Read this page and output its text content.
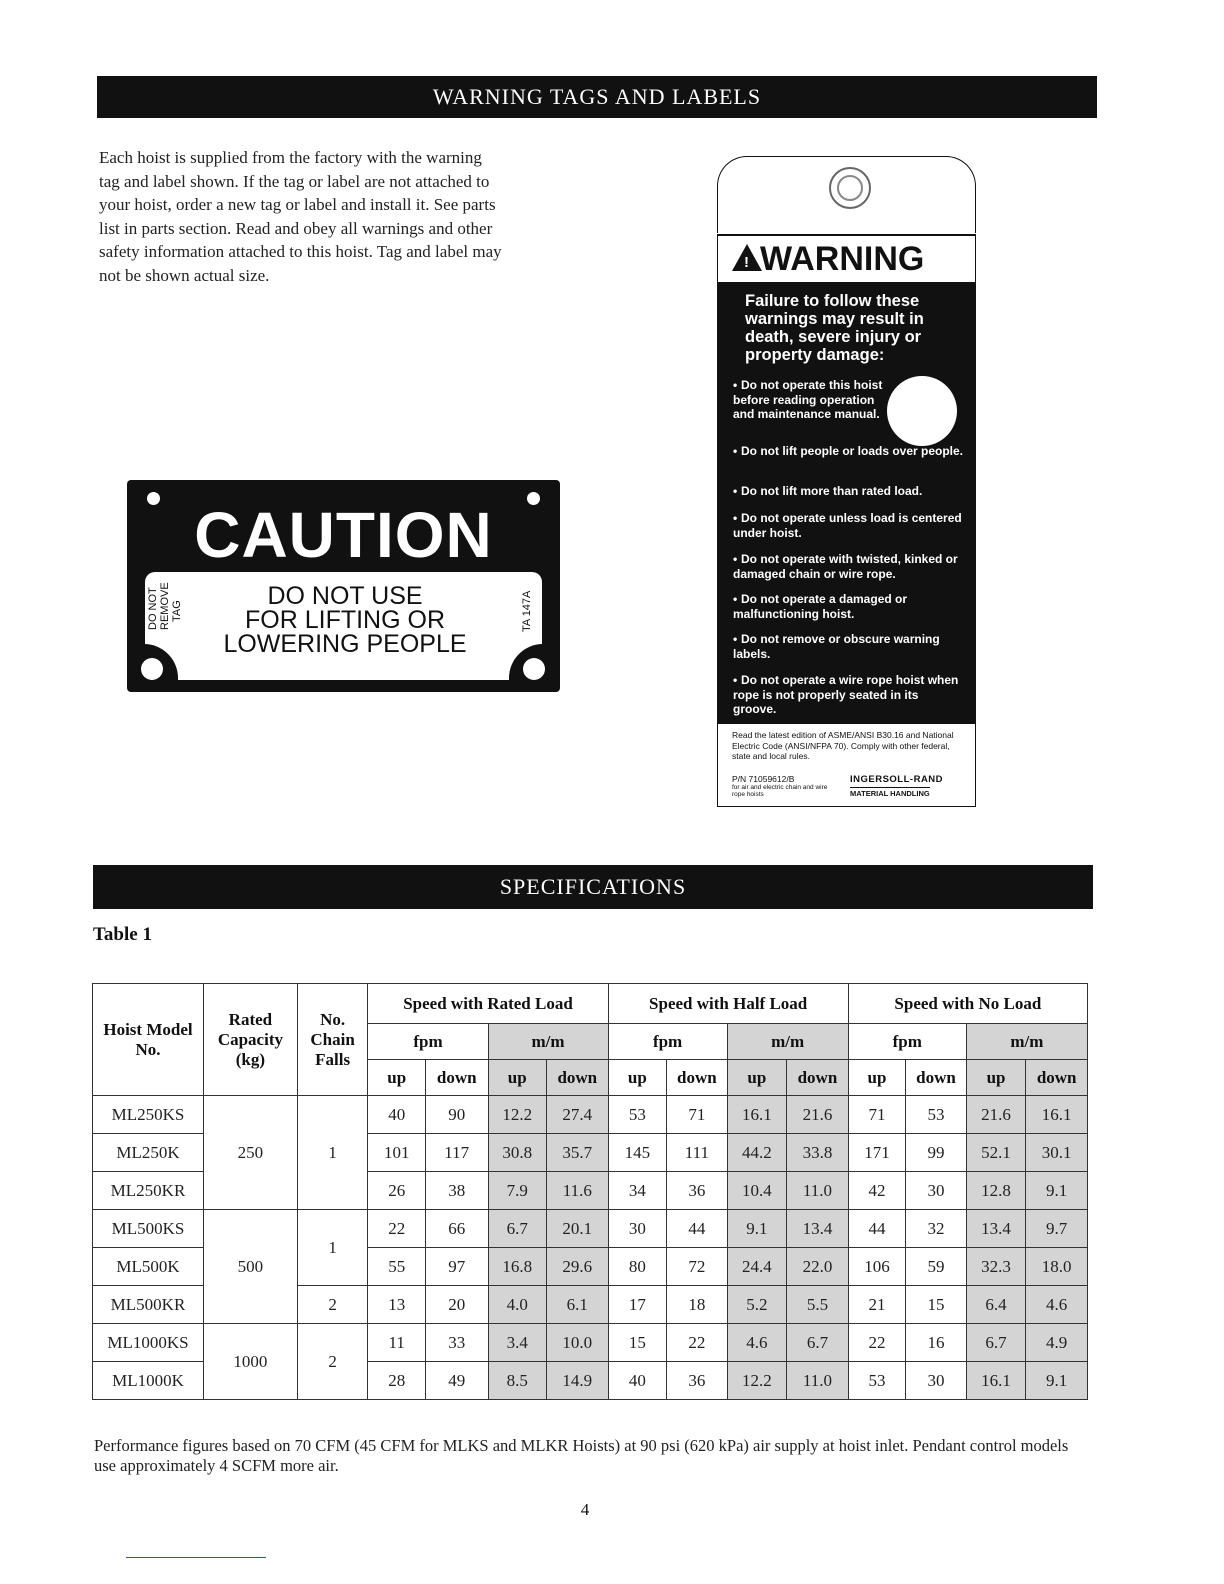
WARNING TAGS AND LABELS
Each hoist is supplied from the factory with the warning
tag and label shown. If the tag or label are not attached to
your hoist, order a new tag or label and install it. See parts
list in parts section. Read and obey all warnings and other
safety information attached to this hoist. Tag and label may
not be shown actual size.
CAUTION
DO NOT USE
FOR LIFTING OR
LOWERING PEOPLE
DO NOT REMOVE TAG	TA 147A
! WARNING
Failure to follow these warnings may result in death, severe injury or property damage:
• Do not operate this hoist before reading operation and maintenance manual.
• Do not lift people or loads over people.
• Do not lift more than rated load.
• Do not operate unless load is centered under hoist.
• Do not operate with twisted, kinked or damaged chain or wire rope.
• Do not operate a damaged or malfunctioning hoist.
• Do not remove or obscure warning labels.
• Do not operate a wire rope hoist when rope is not properly seated in its groove.
Read the latest edition of ASME/ANSI B30.16 and National Electric Code (ANSI/NFPA 70). Comply with other federal, state and local rules.
P/N 71059612/B
for air and electric chain and wire rope hoists
INGERSOLL-RAND
MATERIAL HANDLING
SPECIFICATIONS
Table 1
Hoist Model No.	Rated Capacity (kg)	No. Chain Falls	Speed with Rated Load				Speed with Half Load				Speed with No Load			
			fpm		m/m		fpm		m/m		fpm		m/m	
			up	down	up	down	up	down	up	down	up	down	up	down
ML250KS	250	1	40	90	12.2	27.4	53	71	16.1	21.6	71	53	21.6	16.1
ML250K			101	117	30.8	35.7	145	111	44.2	33.8	171	99	52.1	30.1
ML250KR			26	38	7.9	11.6	34	36	10.4	11.0	42	30	12.8	9.1
ML500KS	500	1	22	66	6.7	20.1	30	44	9.1	13.4	44	32	13.4	9.7
ML500K			55	97	16.8	29.6	80	72	24.4	22.0	106	59	32.3	18.0
ML500KR		2	13	20	4.0	6.1	17	18	5.2	5.5	21	15	6.4	4.6
ML1000KS	1000	2	11	33	3.4	10.0	15	22	4.6	6.7	22	16	6.7	4.9
ML1000K			28	49	8.5	14.9	40	36	12.2	11.0	53	30	16.1	9.1
Performance figures based on 70 CFM (45 CFM for MLKS and MLKR Hoists) at 90 psi (620 kPa) air supply at hoist inlet. Pendant control models use approximately 4 SCFM more air.
4
